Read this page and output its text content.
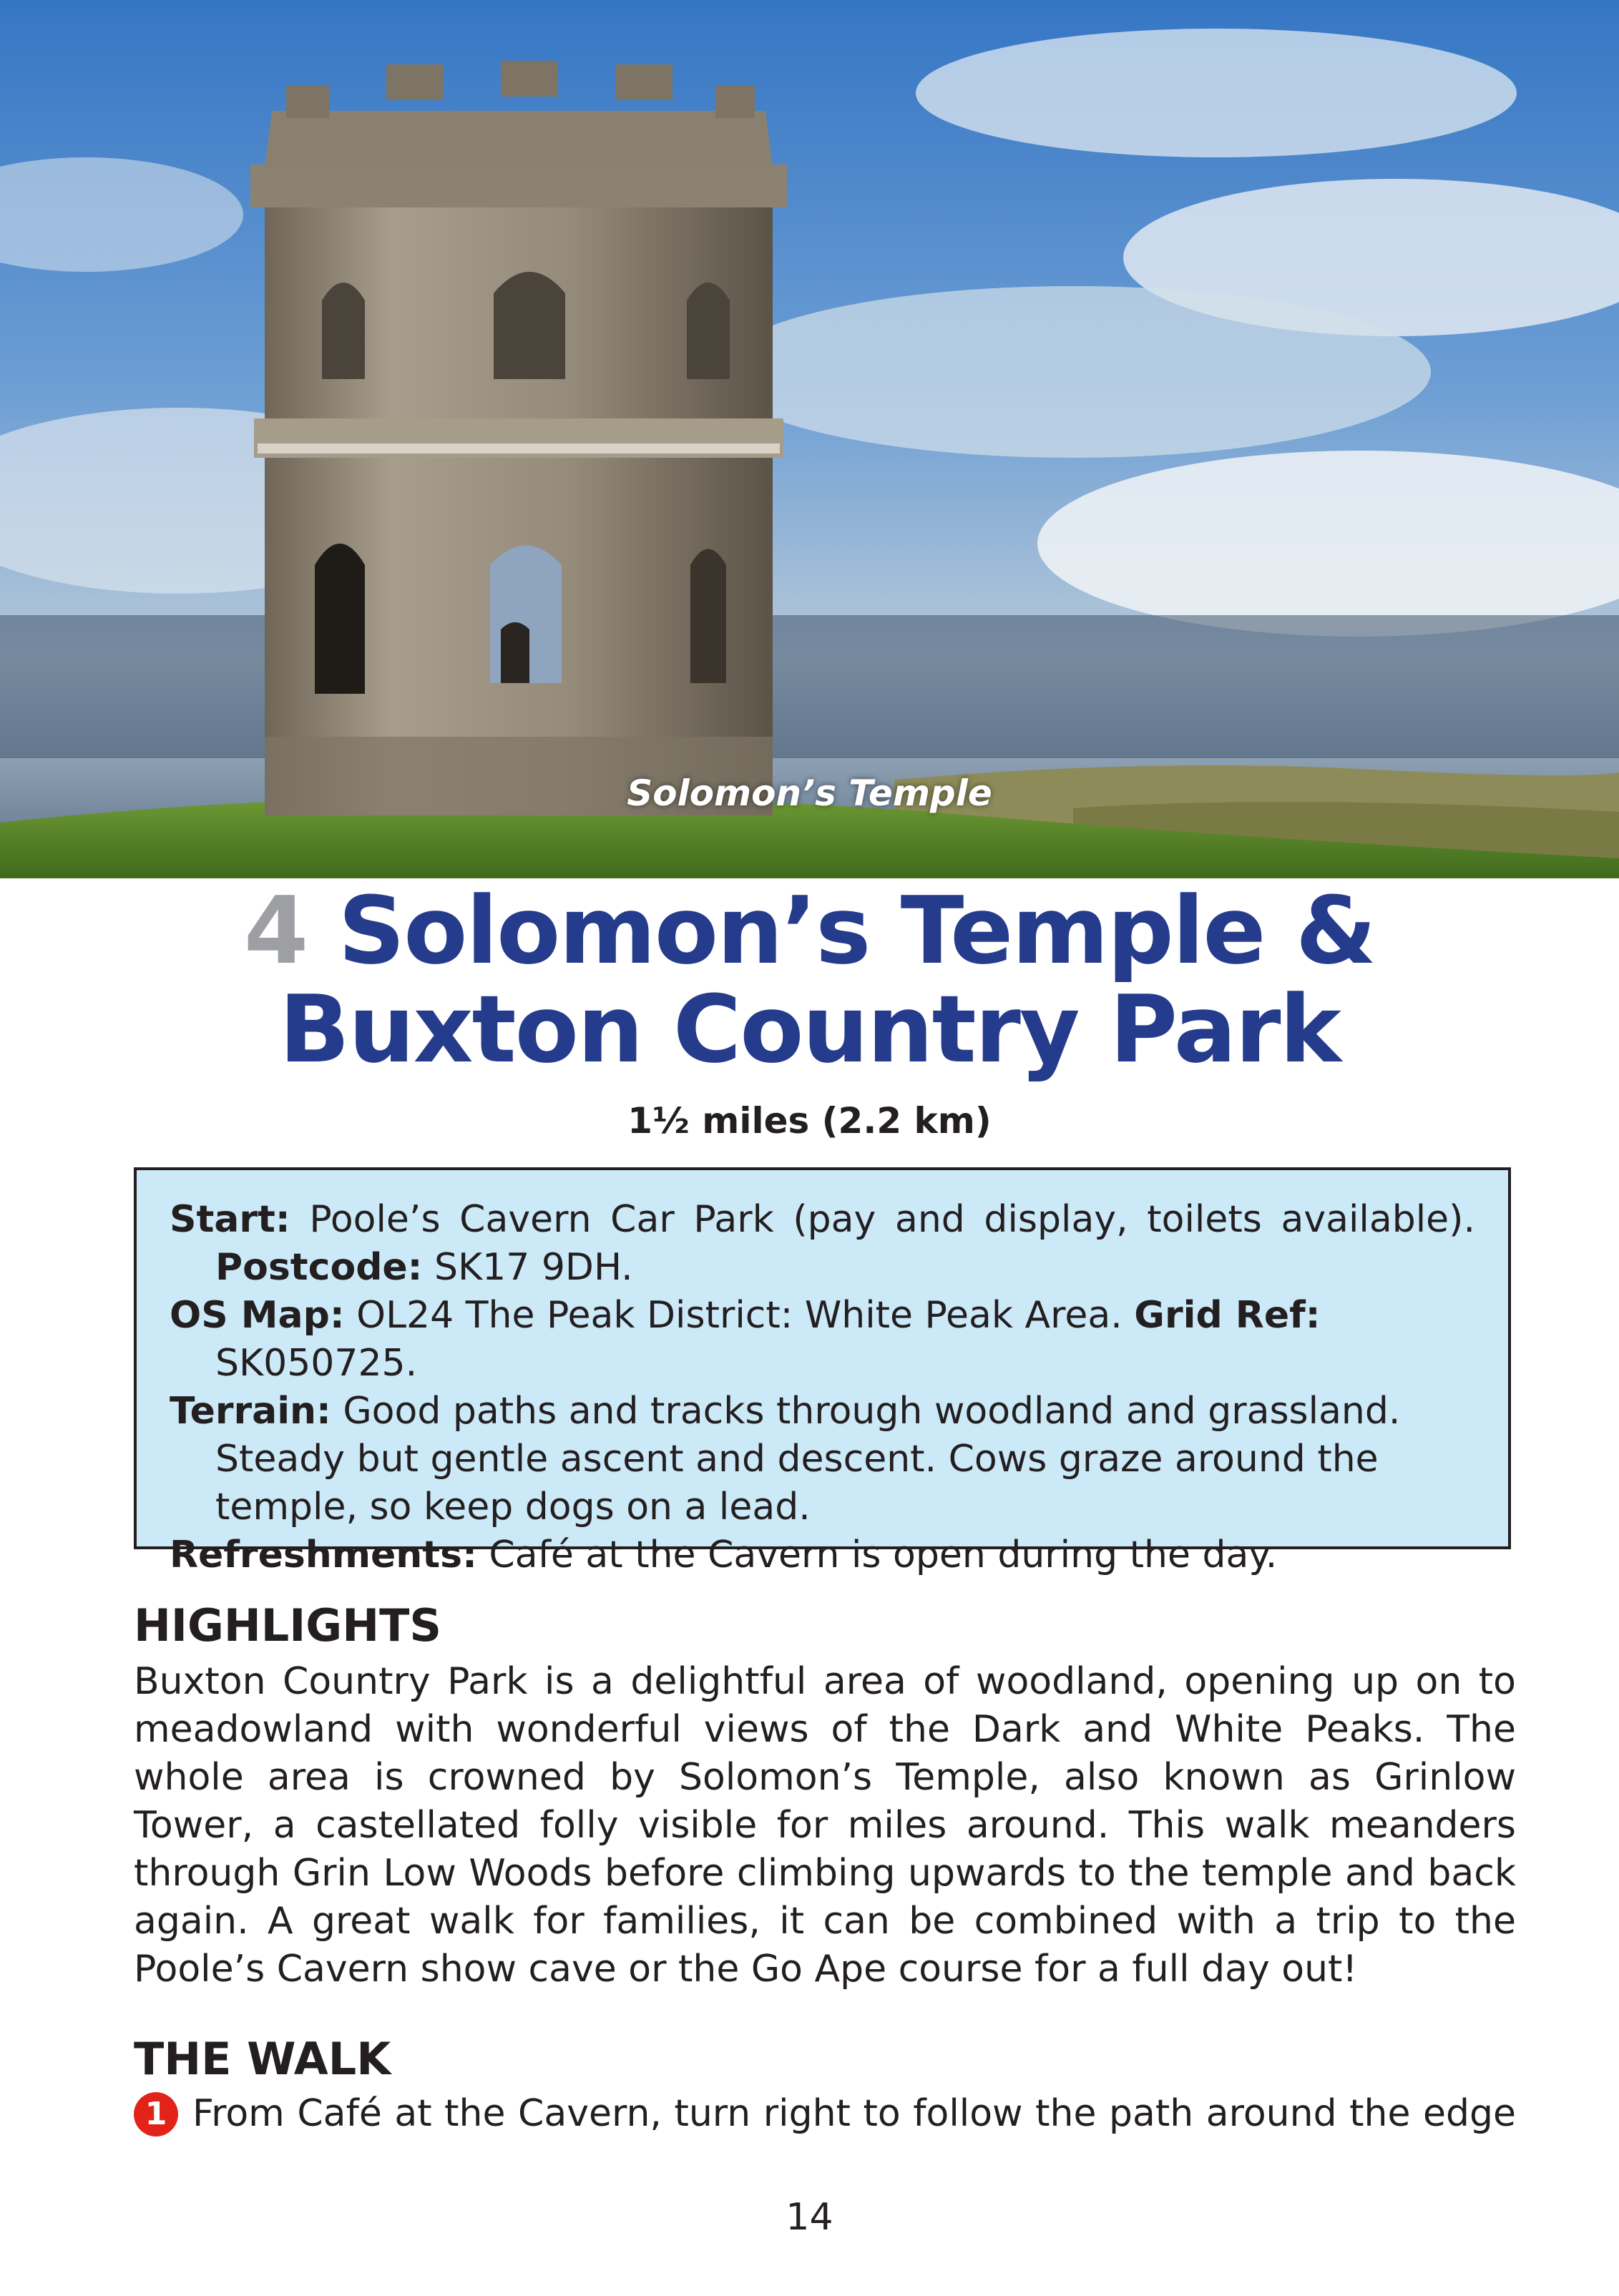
Solomon’s Temple
4 Solomon’s Temple &
Buxton Country Park
1½ miles (2.2 km)

Start: Poole’s Cavern Car Park (pay and display, toilets available). Postcode: SK17 9DH.

OS Map: OL24 The Peak District: White Peak Area. Grid Ref: SK050725.

Terrain: Good paths and tracks through woodland and grassland. Steady but gentle ascent and descent. Cows graze around the temple, so keep dogs on a lead.

Refreshments: Café at the Cavern is open during the day.

HIGHLIGHTS

Buxton Country Park is a delightful area of woodland, opening up on to meadowland with wonderful views of the Dark and White Peaks. The whole area is crowned by Solomon’s Temple, also known as Grinlow Tower, a castellated folly visible for miles around. This walk meanders through Grin Low Woods before climbing upwards to the temple and back again. A great walk for families, it can be combined with a trip to the Poole’s Cavern show cave or the Go Ape course for a full day out!

THE WALK
1 From Café at the Cavern, turn right to follow the path around the edge
14
